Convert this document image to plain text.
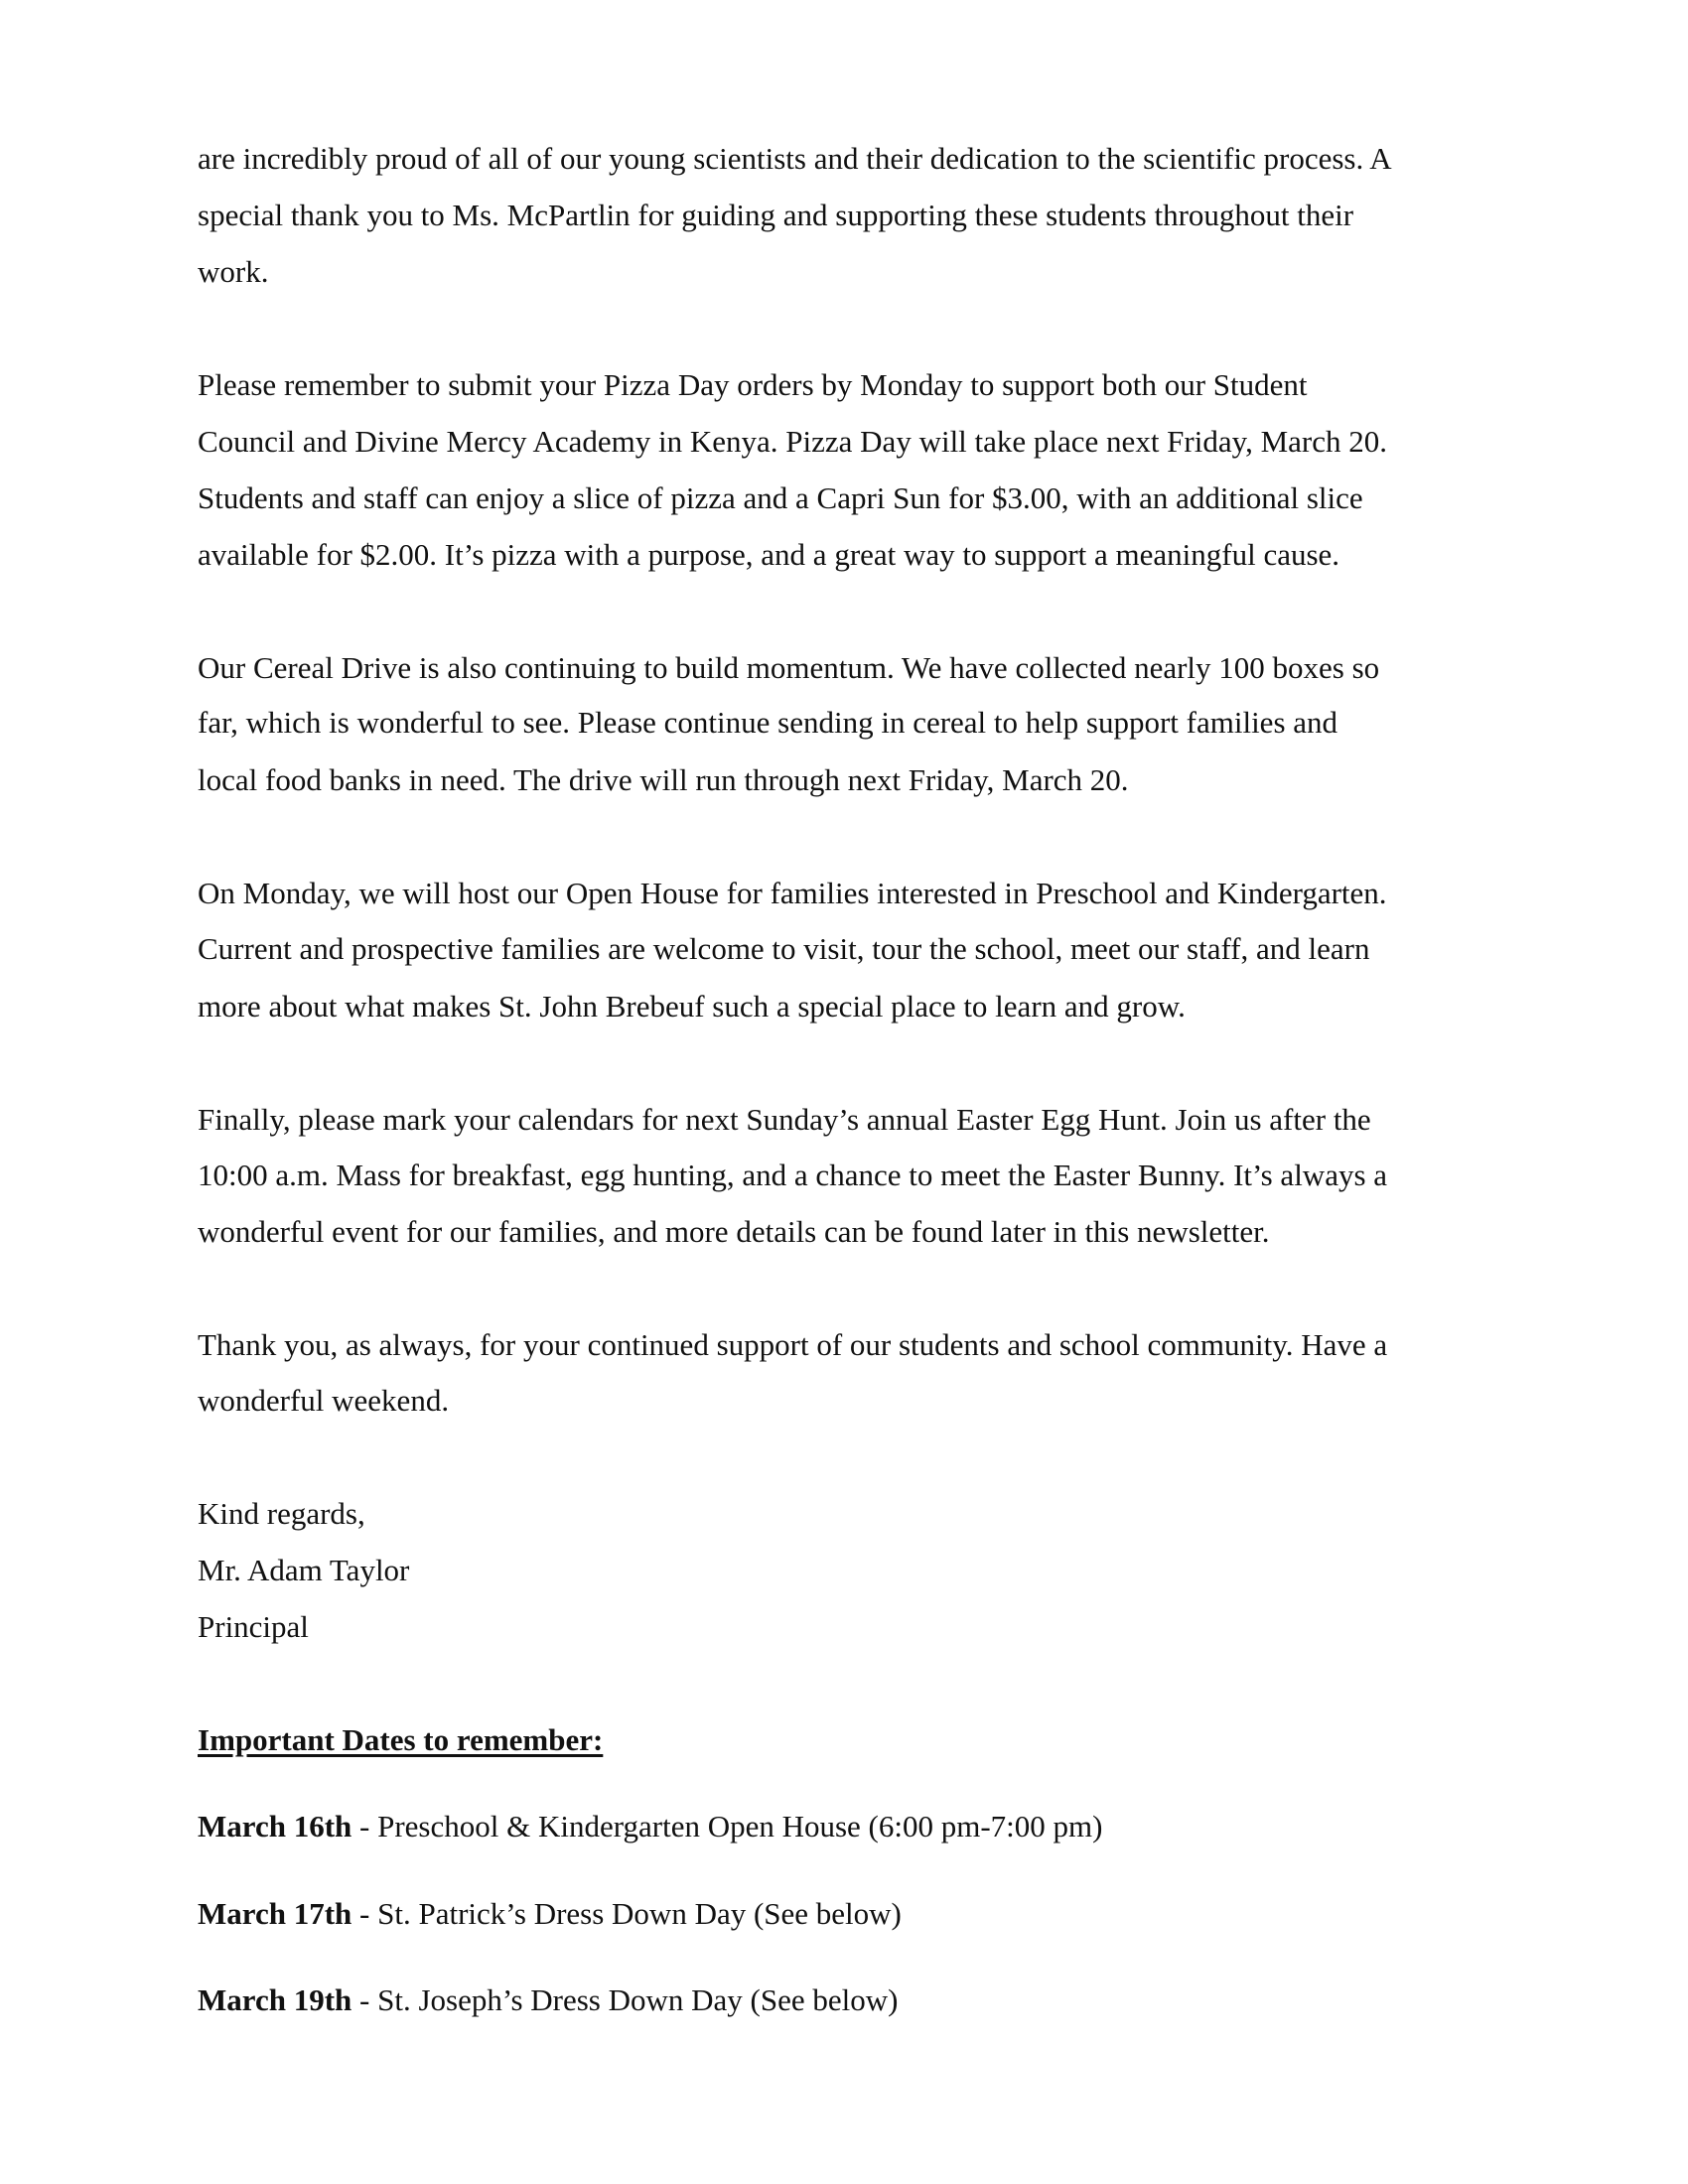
are incredibly proud of all of our young scientists and their dedication to the scientific process. A
special thank you to Ms. McPartlin for guiding and supporting these students throughout their
work.
Please remember to submit your Pizza Day orders by Monday to support both our Student
Council and Divine Mercy Academy in Kenya. Pizza Day will take place next Friday, March 20.
Students and staff can enjoy a slice of pizza and a Capri Sun for $3.00, with an additional slice
available for $2.00. It’s pizza with a purpose, and a great way to support a meaningful cause.
Our Cereal Drive is also continuing to build momentum. We have collected nearly 100 boxes so
far, which is wonderful to see. Please continue sending in cereal to help support families and
local food banks in need. The drive will run through next Friday, March 20.
On Monday, we will host our Open House for families interested in Preschool and Kindergarten.
Current and prospective families are welcome to visit, tour the school, meet our staff, and learn
more about what makes St. John Brebeuf such a special place to learn and grow.
Finally, please mark your calendars for next Sunday’s annual Easter Egg Hunt. Join us after the
10:00 a.m. Mass for breakfast, egg hunting, and a chance to meet the Easter Bunny. It’s always a
wonderful event for our families, and more details can be found later in this newsletter.
Thank you, as always, for your continued support of our students and school community. Have a
wonderful weekend.
Kind regards,
Mr. Adam Taylor
Principal
Important Dates to remember:
March 16th - Preschool & Kindergarten Open House (6:00 pm-7:00 pm)
March 17th - St. Patrick’s Dress Down Day (See below)
March 19th - St. Joseph’s Dress Down Day (See below)
